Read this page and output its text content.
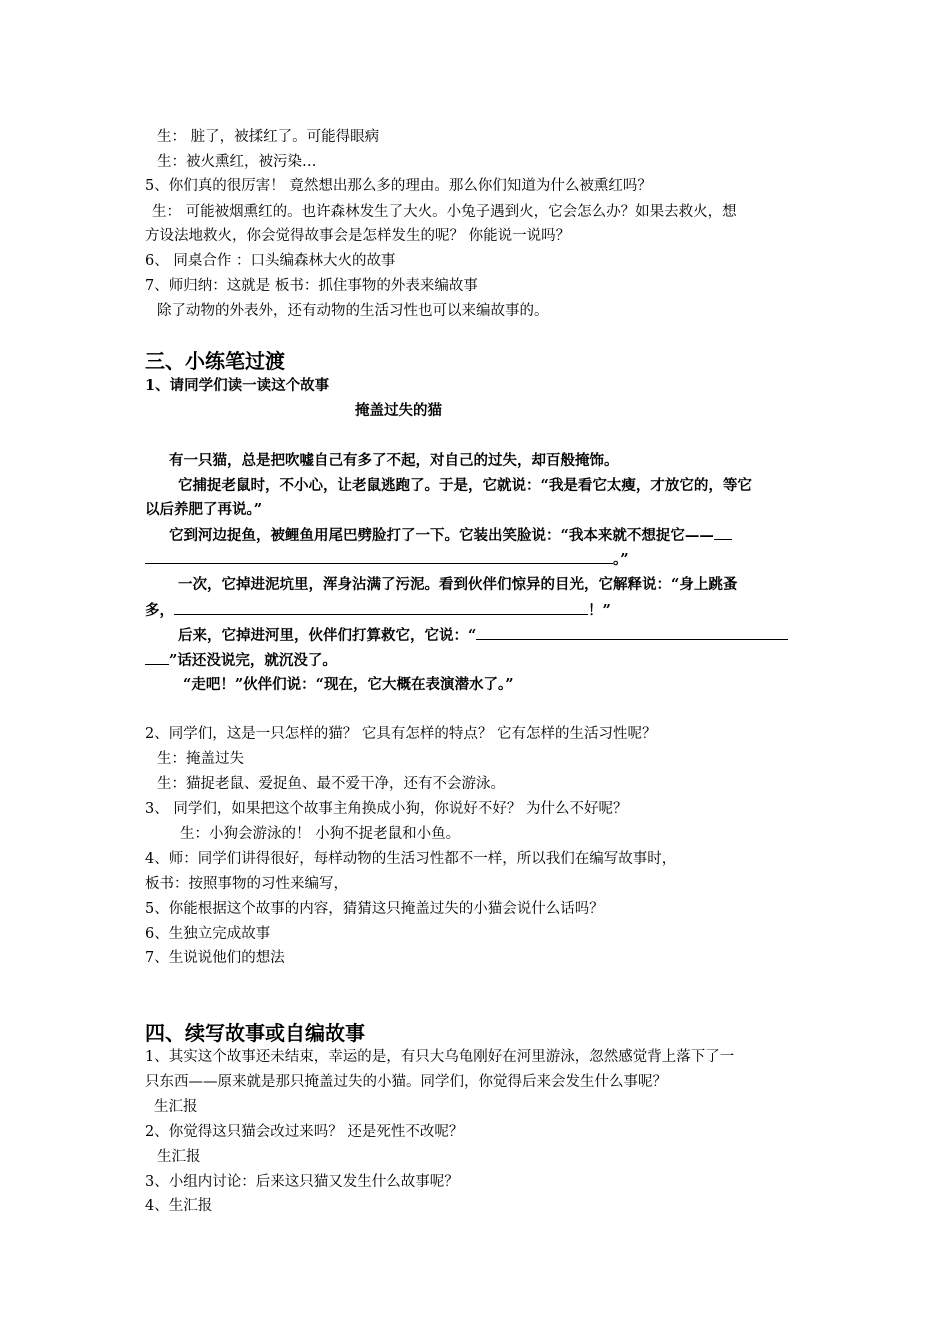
生： 脏了，被揉红了。可能得眼病
生：被火熏红，被污染…
5、你们真的很厉害！ 竟然想出那么多的理由。那么你们知道为什么被熏红吗？
生： 可能被烟熏红的。也许森林发生了大火。小兔子遇到火，它会怎么办？如果去救火，想
方设法地救火，你会觉得故事会是怎样发生的呢？ 你能说一说吗？
6、 同桌合作 ：口头编森林大火的故事
7、师归纳：这就是 板书：抓住事物的外表来编故事
除了动物的外表外，还有动物的生活习性也可以来编故事的。
三、小练笔过渡
1、请同学们读一读这个故事
掩盖过失的猫
有一只猫，总是把吹嘘自己有多了不起，对自己的过失，却百般掩饰。
它捕捉老鼠时，不小心，让老鼠逃跑了。于是，它就说：“我是看它太瘦，才放它的，等它
以后养肥了再说。”
它到河边捉鱼，被鲤鱼用尾巴劈脸打了一下。它装出笑脸说：“我本来就不想捉它——
。”
一次，它掉进泥坑里，浑身沾满了污泥。看到伙伴们惊异的目光，它解释说：“身上跳蚤
多，	！”
后来，它掉进河里，伙伴们打算救它，它说：“
”话还没说完，就沉没了。
“走吧！”伙伴们说：“现在，它大概在表演潜水了。”
2、同学们，这是一只怎样的猫？ 它具有怎样的特点？ 它有怎样的生活习性呢？
生：掩盖过失
生：猫捉老鼠、爱捉鱼、最不爱干净，还有不会游泳。
3、 同学们，如果把这个故事主角换成小狗，你说好不好？ 为什么不好呢？
生：小狗会游泳的！ 小狗不捉老鼠和小鱼。
4、师：同学们讲得很好，每样动物的生活习性都不一样，所以我们在编写故事时，
板书：按照事物的习性来编写，
5、你能根据这个故事的内容，猜猜这只掩盖过失的小猫会说什么话吗？
6、生独立完成故事
7、生说说他们的想法
四、续写故事或自编故事
1、其实这个故事还未结束，幸运的是，有只大乌龟刚好在河里游泳，忽然感觉背上落下了一
只东西——原来就是那只掩盖过失的小猫。同学们，你觉得后来会发生什么事呢？
生汇报
2、你觉得这只猫会改过来吗？ 还是死性不改呢？
生汇报
3、小组内讨论：后来这只猫又发生什么故事呢？
4、生汇报
